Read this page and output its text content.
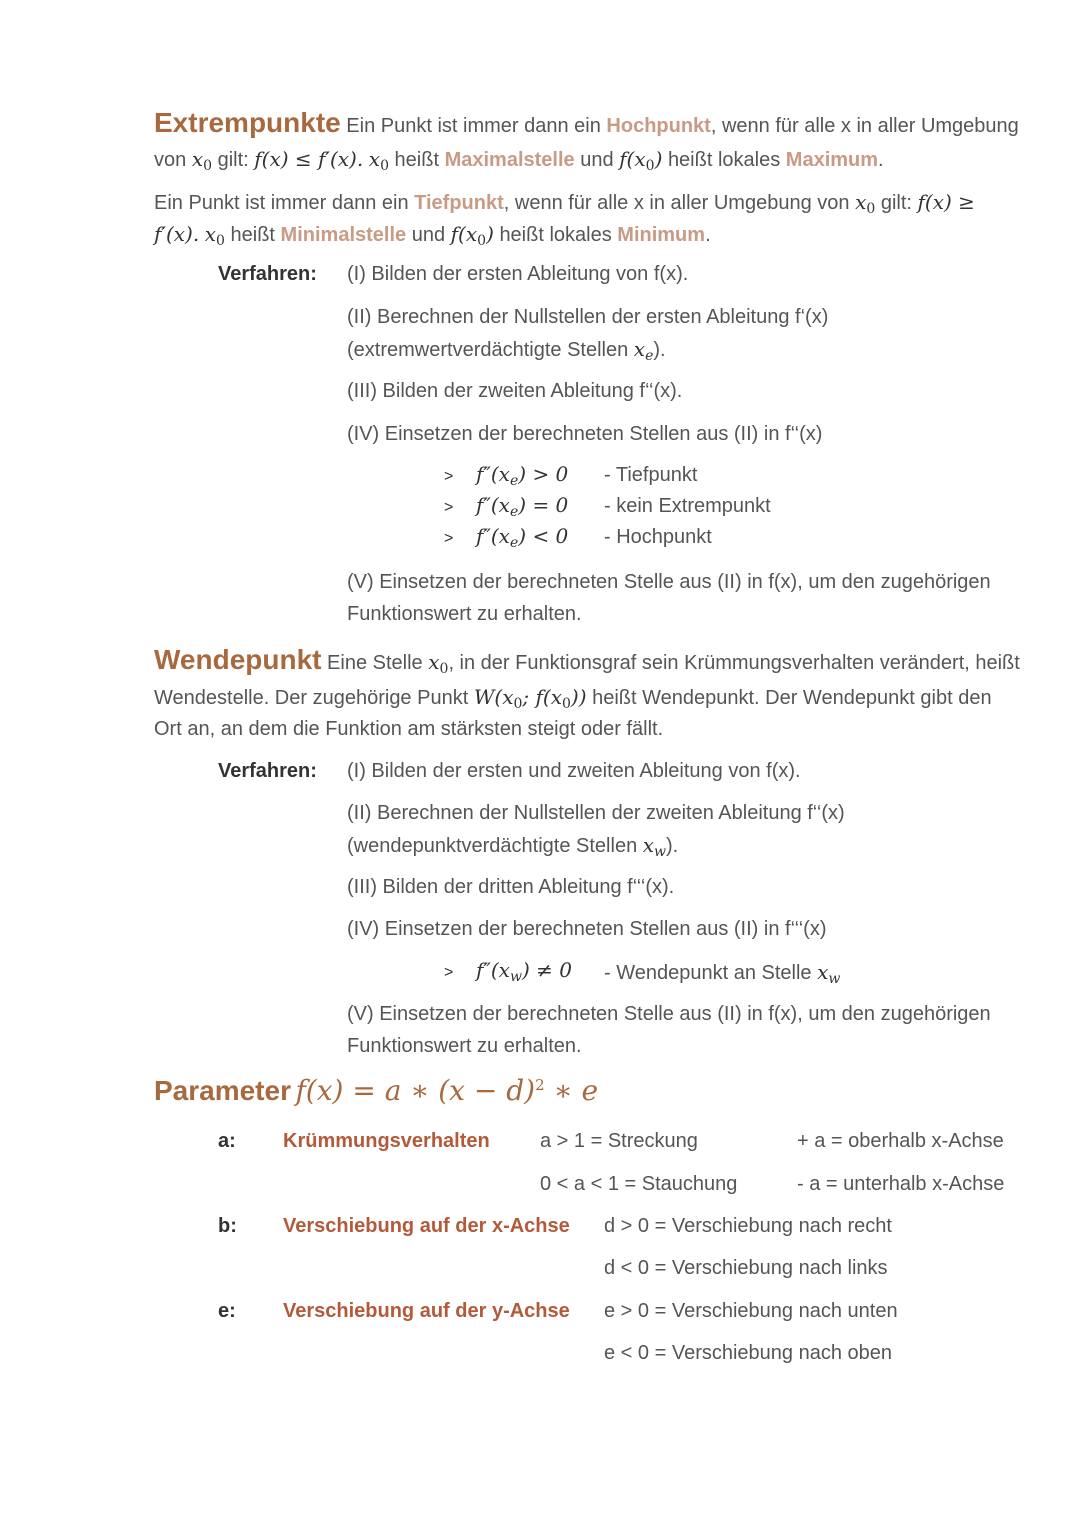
Extrempunkte Ein Punkt ist immer dann ein Hochpunkt, wenn für alle x in aller Umgebung
von $x_0$ gilt: f(x) ≤ f′(x). $x_0$ heißt Maximalstelle und $f(x_0)$ heißt lokales Maximum.
Ein Punkt ist immer dann ein Tiefpunkt, wenn für alle x in aller Umgebung von $x_0$ gilt: f(x) ≥
f′(x). $x_0$ heißt Minimalstelle und $f(x_0)$ heißt lokales Minimum.
Verfahren: (I) Bilden der ersten Ableitung von f(x).
(II) Berechnen der Nullstellen der ersten Ableitung f‘(x)
(extremwertverdächtigte Stellen $x_e$).
(III) Bilden der zweiten Ableitung f‘‘(x).
(IV) Einsetzen der berechneten Stellen aus (II) in f‘‘(x)
> $f''(x_e) > 0$ - Tiefpunkt
> $f''(x_e) = 0$ - kein Extrempunkt
> $f''(x_e) < 0$ - Hochpunkt
(V) Einsetzen der berechneten Stelle aus (II) in f(x), um den zugehörigen
Funktionswert zu erhalten.
Wendepunkt Eine Stelle $x_0$, in der Funktionsgraf sein Krümmungsverhalten verändert, heißt
Wendestelle. Der zugehörige Punkt $W(x_0$; $f(x_0)$) heißt Wendepunkt. Der Wendepunkt gibt den
Ort an, an dem die Funktion am stärksten steigt oder fällt.
Verfahren: (I) Bilden der ersten und zweiten Ableitung von f(x).
(II) Berechnen der Nullstellen der zweiten Ableitung f‘‘(x)
(wendepunktverdächtigte Stellen $x_w$).
(III) Bilden der dritten Ableitung f‘‘‘(x).
(IV) Einsetzen der berechneten Stellen aus (II) in f‘‘‘(x)
> $f''(x_w) \ne 0$ - Wendepunkt an Stelle $x_w$
(V) Einsetzen der berechneten Stelle aus (II) in f(x), um den zugehörigen
Funktionswert zu erhalten.
Parameter f(x) = a ∗ $(x - d)^2$ ∗ e
a: Krümmungsverhalten	a > 1 = Streckung	+ a = oberhalb x-Achse
0 < a < 1 = Stauchung	- a = unterhalb x-Achse
b: Verschiebung auf der x-Achse d > 0 = Verschiebung nach recht
d < 0 = Verschiebung nach links
e: Verschiebung auf der y-Achse e > 0 = Verschiebung nach unten
e < 0 = Verschiebung nach oben
